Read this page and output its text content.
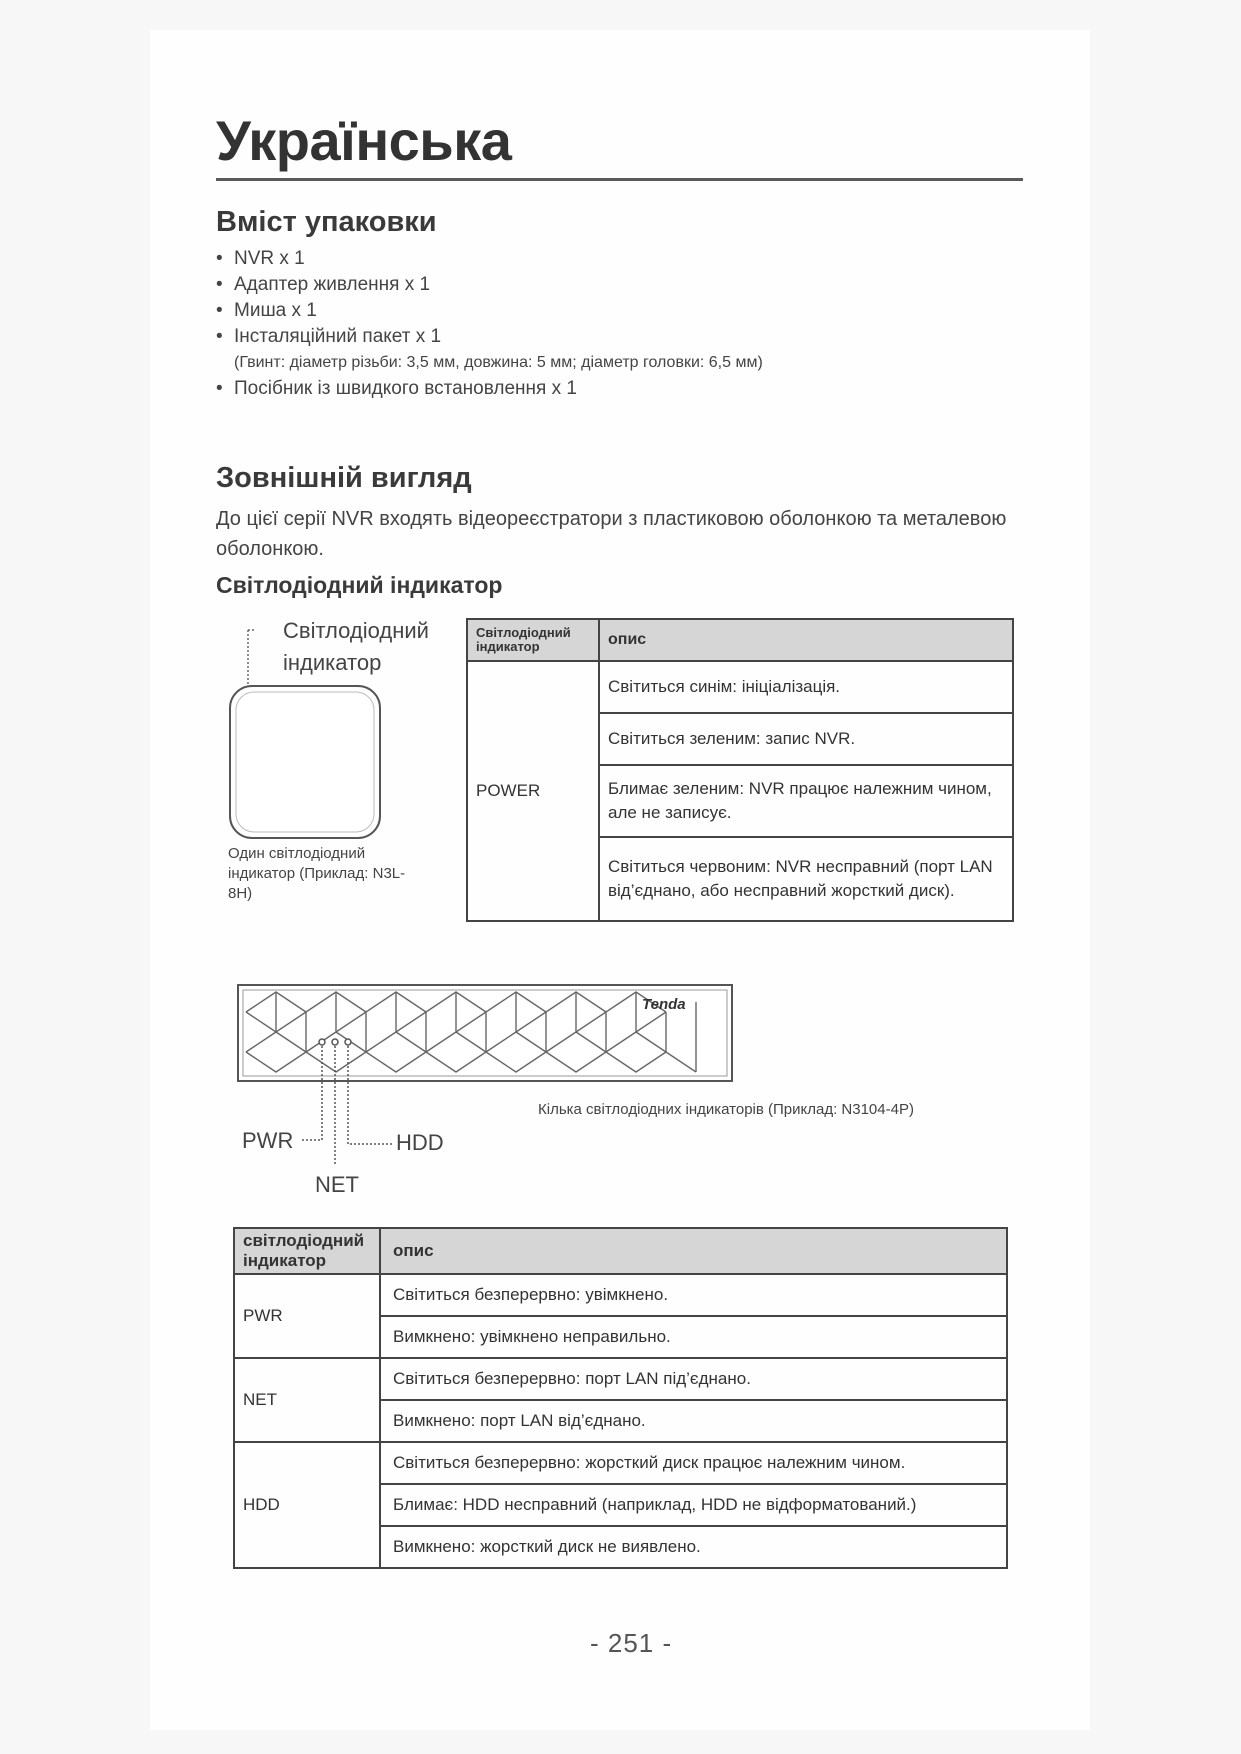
Українська
Вміст упаковки
• NVR x 1
• Адаптер живлення x 1
• Миша x 1
• Інсталяційний пакет x 1
(Гвинт: діаметр різьби: 3,5 мм, довжина: 5 мм; діаметр головки: 6,5 мм)
• Посібник із швидкого встановлення x 1
Зовнішній вигляд
До цієї серії NVR входять відеореєстратори з пластиковою оболонкою та металевою оболонкою.
Світлодіодний індикатор
Світлодіодний
індикатор
Один світлодіодний індикатор (Приклад: N3L-8H)
Світлодіодний індикатор	опис
POWER	Світиться синім: ініціалізація.
	Світиться зеленим: запис NVR.
	Блимає зеленим: NVR працює належним чином, але не записує.
	Світиться червоним: NVR несправний (порт LAN від’єднано, або несправний жорсткий диск).
Tenda
PWR	HDD
NET
Кілька світлодіодних індикаторів (Приклад: N3104-4P)
світлодіодний індикатор	опис
PWR	Світиться безперервно: увімкнено.
	Вимкнено: увімкнено неправильно.
NET	Світиться безперервно: порт LAN під’єднано.
	Вимкнено: порт LAN від’єднано.
HDD	Світиться безперервно: жорсткий диск працює належним чином.
	Блимає: HDD несправний (наприклад, HDD не відформатований.)
	Вимкнено: жорсткий диск не виявлено.
- 251 -
